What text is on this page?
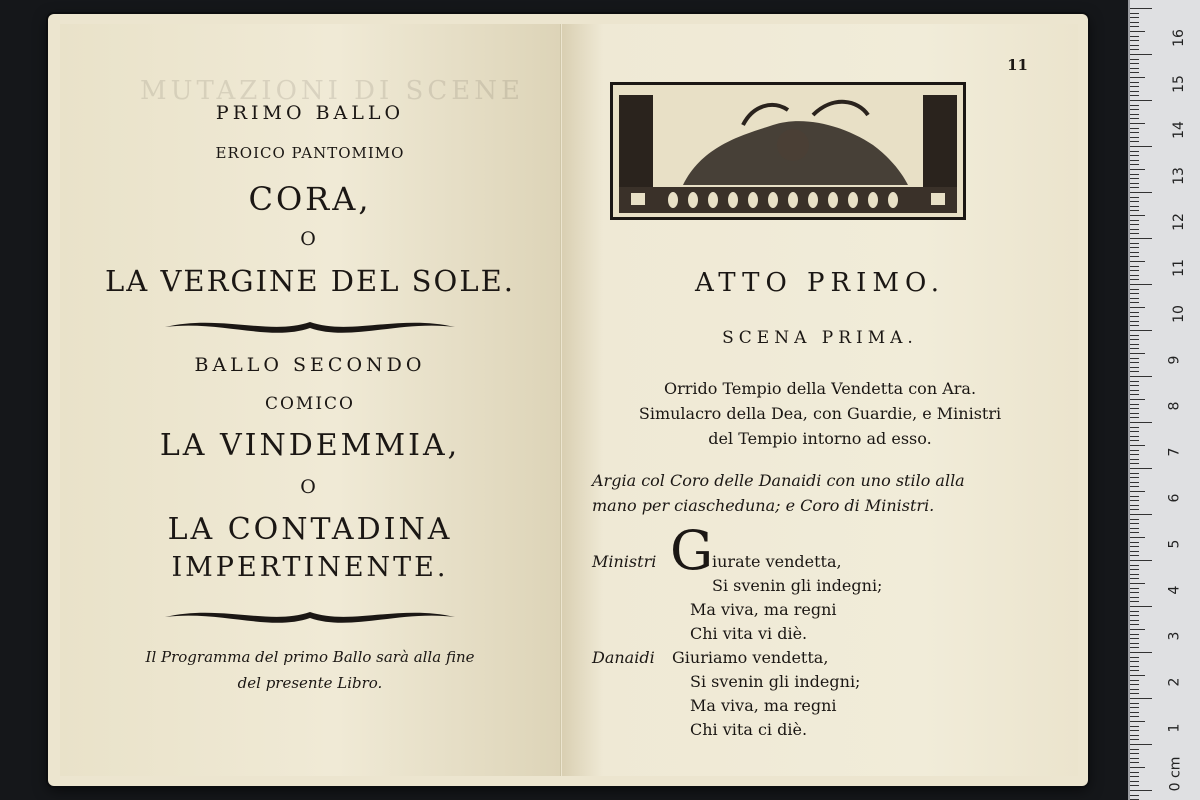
MUTAZIONI DI SCENE
PRIMO BALLO
EROICO PANTOMIMO
CORA,
O
LA VERGINE DEL SOLE.
BALLO SECONDO
COMICO
LA VINDEMMIA,
O
LA CONTADINA
IMPERTINENTE.
Il Programma del primo Ballo sarà alla fine
del presente Libro.
11
ATTO PRIMO.
SCENA PRIMA.
Orrido Tempio della Vendetta con Ara.
Simulacro della Dea, con Guardie, e Ministri
del Tempio intorno ad esso.
Argia col Coro delle Danaidi con uno stilo alla
mano per ciascheduna; e Coro di Ministri.
Ministri G
iurate vendetta,
Si svenin gli indegni;
Ma viva, ma regni
Chi vita vi diè.
Danaidi Giuriamo vendetta,
Si svenin gli indegni;
Ma viva, ma regni
Chi vita ci diè.
16
15
14
13
12
11
10
9
8
7
6
5
4
3
2
1
0 cm
